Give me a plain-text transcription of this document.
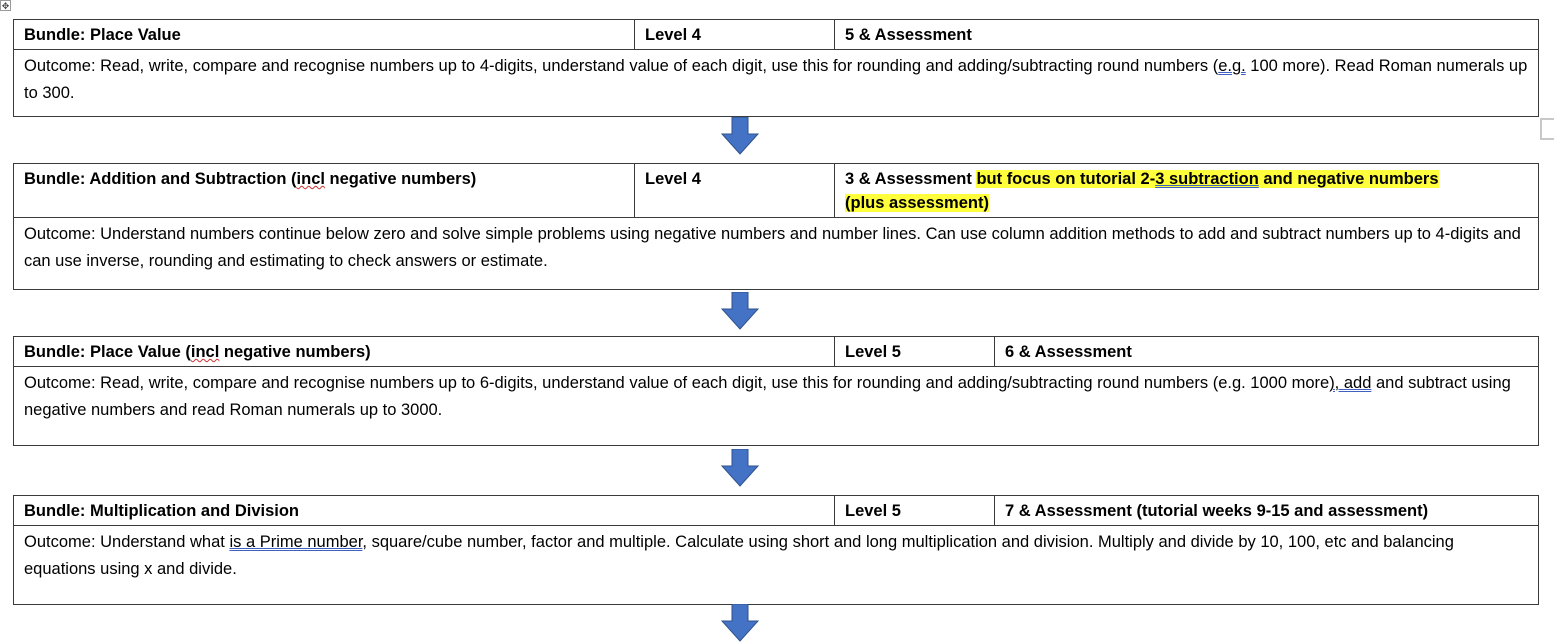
✥
Bundle: Place Value	Level 4	5 & Assessment
Outcome: Read, write, compare and recognise numbers up to 4-digits, understand value of each digit, use this for rounding and adding/subtracting round numbers (e.g. 100 more). Read Roman numerals up to 300.
Bundle: Addition and Subtraction (incl negative numbers)	Level 4	3 & Assessment but focus on tutorial 2-3 subtraction and negative numbers (plus assessment)
Outcome: Understand numbers continue below zero and solve simple problems using negative numbers and number lines. Can use column addition methods to add and subtract numbers up to 4-digits and can use inverse, rounding and estimating to check answers or estimate.
Bundle: Place Value (incl negative numbers)	Level 5	6 & Assessment
Outcome: Read, write, compare and recognise numbers up to 6-digits, understand value of each digit, use this for rounding and adding/subtracting round numbers (e.g. 1000 more), add and subtract using negative numbers and read Roman numerals up to 3000.
Bundle: Multiplication and Division	Level 5	7 & Assessment (tutorial weeks 9-15 and assessment)
Outcome: Understand what is a Prime number, square/cube number, factor and multiple. Calculate using short and long multiplication and division. Multiply and divide by 10, 100, etc and balancing equations using x and divide.
